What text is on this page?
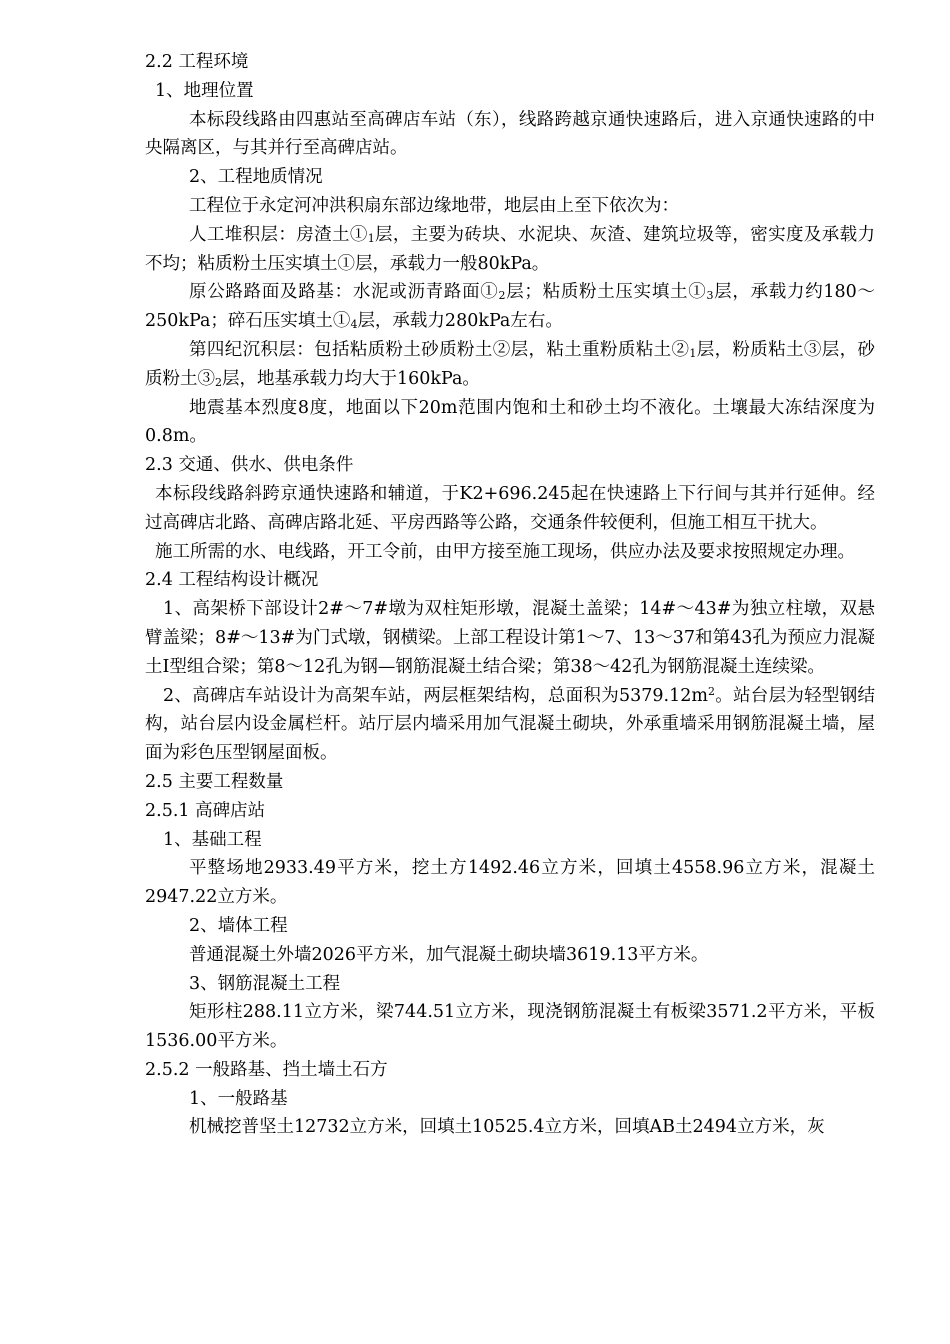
2.2 工程环境

1、地理位置

本标段线路由四惠站至高碑店车站（东），线路跨越京通快速路后，进入京通快速路的中央隔离区，与其并行至高碑店站。

2、工程地质情况

工程位于永定河冲洪积扇东部边缘地带，地层由上至下依次为：

人工堆积层：房渣土$①_1$层，主要为砖块、水泥块、灰渣、建筑垃圾等，密实度及承载力不均；粘质粉土压实填土①层，承载力一般80kPa。

原公路路面及路基：水泥或沥青路面$①_2$层；粘质粉土压实填土$①_3$层，承载力约180～250kPa；碎石压实填土$①_4$层，承载力280kPa左右。

第四纪沉积层：包括粘质粉土砂质粉土②层，粘土重粉质粘土$②_1$层，粉质粘土③层，砂质粉土$③_2$层，地基承载力均大于160kPa。

地震基本烈度8度，地面以下20m范围内饱和土和砂土均不液化。土壤最大冻结深度为0.8m。

2.3 交通、供水、供电条件

本标段线路斜跨京通快速路和辅道，于K2+696.245起在快速路上下行间与其并行延伸。经过高碑店北路、高碑店路北延、平房西路等公路，交通条件较便利，但施工相互干扰大。

施工所需的水、电线路，开工令前，由甲方接至施工现场，供应办法及要求按照规定办理。

2.4 工程结构设计概况

1、高架桥下部设计2#～7#墩为双柱矩形墩，混凝土盖梁；14#～43#为独立柱墩，双悬臂盖梁；8#～13#为门式墩，钢横梁。上部工程设计第1～7、13～37和第43孔为预应力混凝土Ⅰ型组合梁；第8～12孔为钢—钢筋混凝土结合梁；第38～42孔为钢筋混凝土连续梁。

2、高碑店车站设计为高架车站，两层框架结构，总面积为$5379.12m^2$。站台层为轻型钢结构，站台层内设金属栏杆。站厅层内墙采用加气混凝土砌块，外承重墙采用钢筋混凝土墙，屋面为彩色压型钢屋面板。

2.5 主要工程数量

2.5.1 高碑店站

1、基础工程

平整场地2933.49平方米，挖土方1492.46立方米，回填土4558.96立方米，混凝土2947.22立方米。

2、墙体工程

普通混凝土外墙2026平方米，加气混凝土砌块墙3619.13平方米。

3、钢筋混凝土工程

矩形柱288.11立方米，梁744.51立方米，现浇钢筋混凝土有板梁3571.2平方米，平板1536.00平方米。

2.5.2 一般路基、挡土墙土石方

1、一般路基

机械挖普坚土12732立方米，回填土10525.4立方米，回填AB土2494立方米，灰
